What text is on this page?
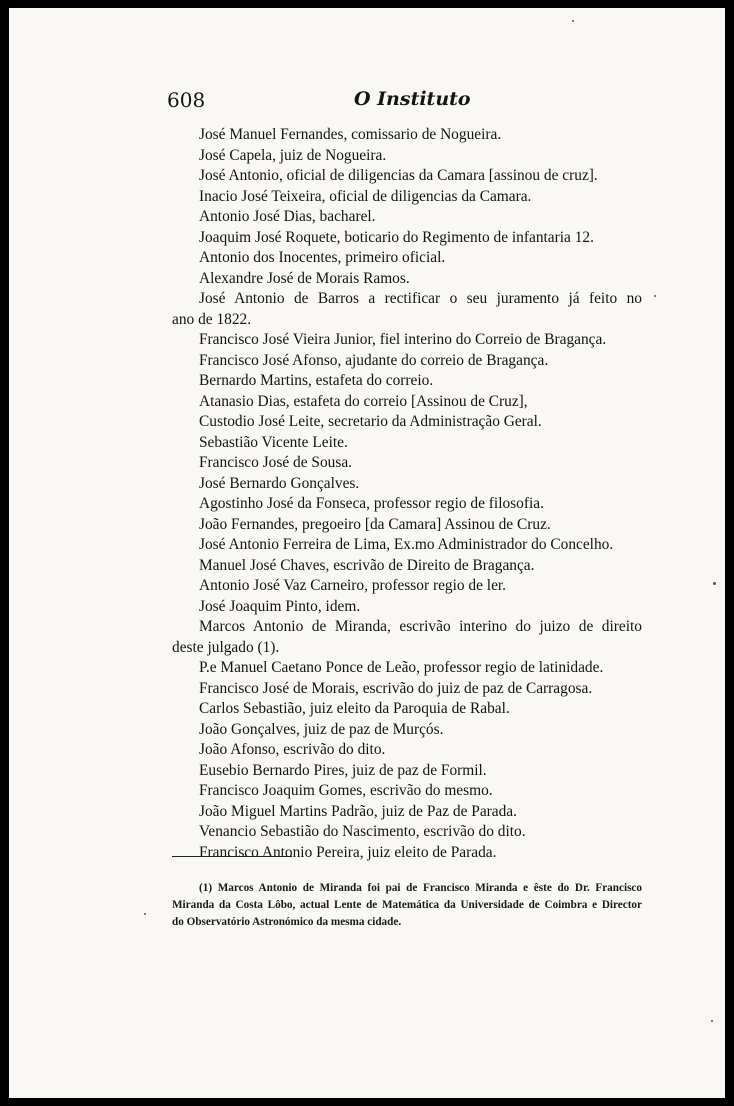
608	O Instituto
José Manuel Fernandes, comissario de Nogueira.
José Capela, juiz de Nogueira.
José Antonio, oficial de diligencias da Camara [assinou de cruz].
Inacio José Teixeira, oficial de diligencias da Camara.
Antonio José Dias, bacharel.
Joaquim José Roquete, boticario do Regimento de infantaria 12.
Antonio dos Inocentes, primeiro oficial.
Alexandre José de Morais Ramos.
José Antonio de Barros a rectificar o seu juramento já feito no
ano de 1822.
Francisco José Vieira Junior, fiel interino do Correio de Bragança.
Francisco José Afonso, ajudante do correio de Bragança.
Bernardo Martins, estafeta do correio.
Atanasio Dias, estafeta do correio [Assinou de Cruz],
Custodio José Leite, secretario da Administração Geral.
Sebastião Vicente Leite.
Francisco José de Sousa.
José Bernardo Gonçalves.
Agostinho José da Fonseca, professor regio de filosofia.
João Fernandes, pregoeiro [da Camara] Assinou de Cruz.
José Antonio Ferreira de Lima, Ex.mo Administrador do Concelho.
Manuel José Chaves, escrivão de Direito de Bragança.
Antonio José Vaz Carneiro, professor regio de ler.
José Joaquim Pinto, idem.
Marcos Antonio de Miranda, escrivão interino do juizo de direito
deste julgado (1).
P.e Manuel Caetano Ponce de Leão, professor regio de latinidade.
Francisco José de Morais, escrivão do juiz de paz de Carragosa.
Carlos Sebastião, juiz eleito da Paroquia de Rabal.
João Gonçalves, juiz de paz de Murçós.
João Afonso, escrivão do dito.
Eusebio Bernardo Pires, juiz de paz de Formil.
Francisco Joaquim Gomes, escrivão do mesmo.
João Miguel Martins Padrão, juiz de Paz de Parada.
Venancio Sebastião do Nascimento, escrivão do dito.
Francisco Antonio Pereira, juiz eleito de Parada.
(1) Marcos Antonio de Miranda foi pai de Francisco Miranda e êste do Dr. Francisco
Miranda da Costa Lôbo, actual Lente de Matemática da Universidade de Coimbra e Director
do Observatório Astronómico da mesma cidade.
